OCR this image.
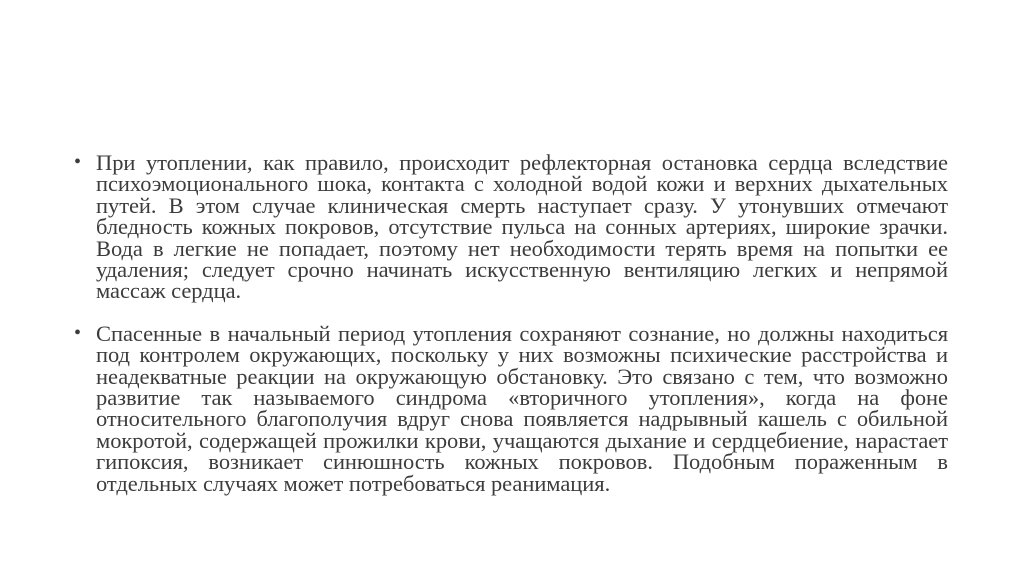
• При утоплении, как правило, происходит рефлекторная остановка сердца вследствие психоэмоционального шока, контакта с холодной водой кожи и верхних дыхательных путей. В этом случае клиническая смерть наступает сразу. У утонувших отмечают бледность кожных покровов, отсутствие пульса на сонных артериях, широкие зрачки. Вода в легкие не попадает, поэтому нет необходимости терять время на попытки ее удаления; следует срочно начинать искусственную вентиляцию легких и непрямой массаж сердца.
• Спасенные в начальный период утопления сохраняют сознание, но должны находиться под контролем окружающих, поскольку у них возможны психические расстройства и неадекватные реакции на окружающую обстановку. Это связано с тем, что возможно развитие так называемого синдрома «вторичного утопления», когда на фоне относительного благополучия вдруг снова появляется надрывный кашель с обильной мокротой, содержащей прожилки крови, учащаются дыхание и сердцебиение, нарастает гипоксия, возникает синюшность кожных покровов. Подобным пораженным в отдельных случаях может потребоваться реанимация.
